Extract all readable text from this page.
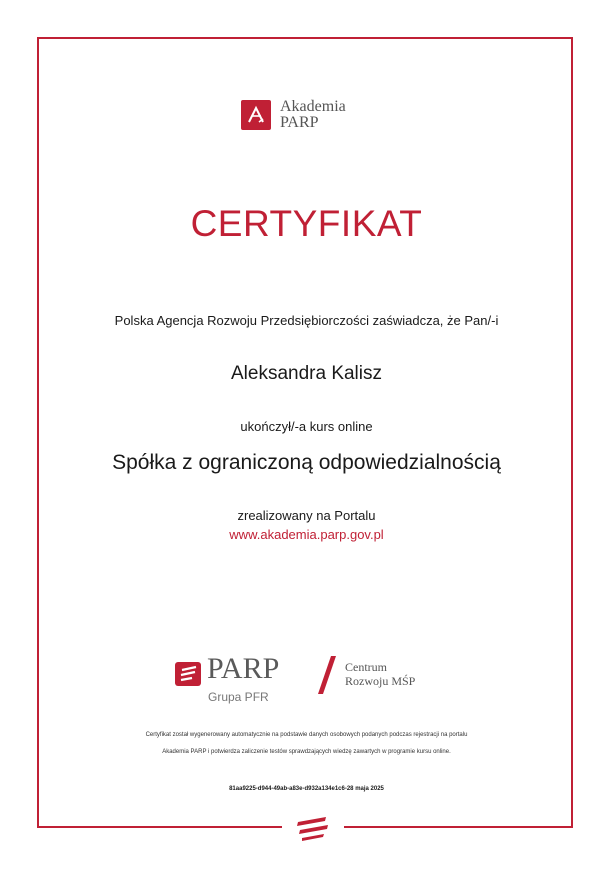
Akademia
PARP
CERTYFIKAT
Polska Agencja Rozwoju Przedsiębiorczości zaświadcza, że Pan/-i
Aleksandra Kalisz
ukończył/-a kurs online
Spółka z ograniczoną odpowiedzialnością
zrealizowany na Portalu
www.akademia.parp.gov.pl
PARP
Grupa PFR
Centrum
Rozwoju MŚP
Certyfikat został wygenerowany automatycznie na podstawie danych osobowych podanych podczas rejestracji na portalu
Akademia PARP i potwierdza zaliczenie testów sprawdzających wiedzę zawartych w programie kursu online.
81aa9225-d944-49ab-a83e-d932a134e1c6-28 maja 2025
